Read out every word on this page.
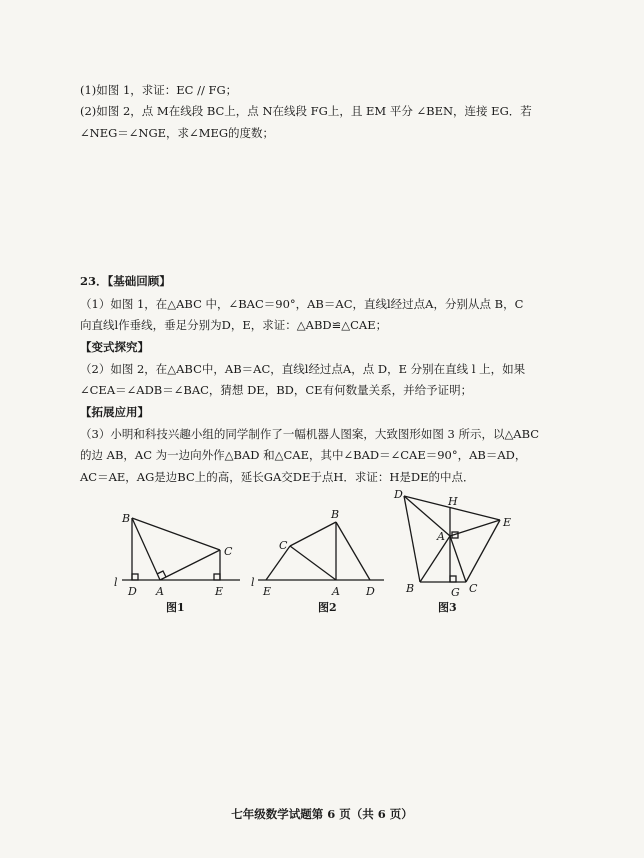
(1)如图 1，求证：EC // FG；
(2)如图 2，点 M在线段 BC上，点 N在线段 FG上，且 EM 平分 ∠BEN，连接 EG．若
∠NEG＝∠NGE，求∠MEG的度数；
23．【基础回顾】
（1）如图 1，在△ABC 中，∠BAC＝90°，AB＝AC，直线l经过点A，分别从点 B，C
向直线l作垂线，垂足分别为D，E，求证：△ABD≌△CAE；
【变式探究】
（2）如图 2，在△ABC中，AB＝AC，直线l经过点A，点 D，E 分别在直线 l 上，如果
∠CEA＝∠ADB＝∠BAC，猜想 DE，BD，CE有何数量关系，并给予证明；
【拓展应用】
（3）小明和科技兴趣小组的同学制作了一幅机器人图案，大致图形如图 3 所示，以△ABC
的边 AB，AC 为一边向外作△BAD 和△CAE，其中∠BAD＝∠CAE＝90°，AB＝AD，
AC＝AE，AG是边BC上的高，延长GA交DE于点H．求证：H是DE的中点．
B
C
l
D A	E
图1
B
C
l
E	A D
图2
D
H
E
A
B	G C
图3
七年级数学试题第 6 页（共 6 页）
